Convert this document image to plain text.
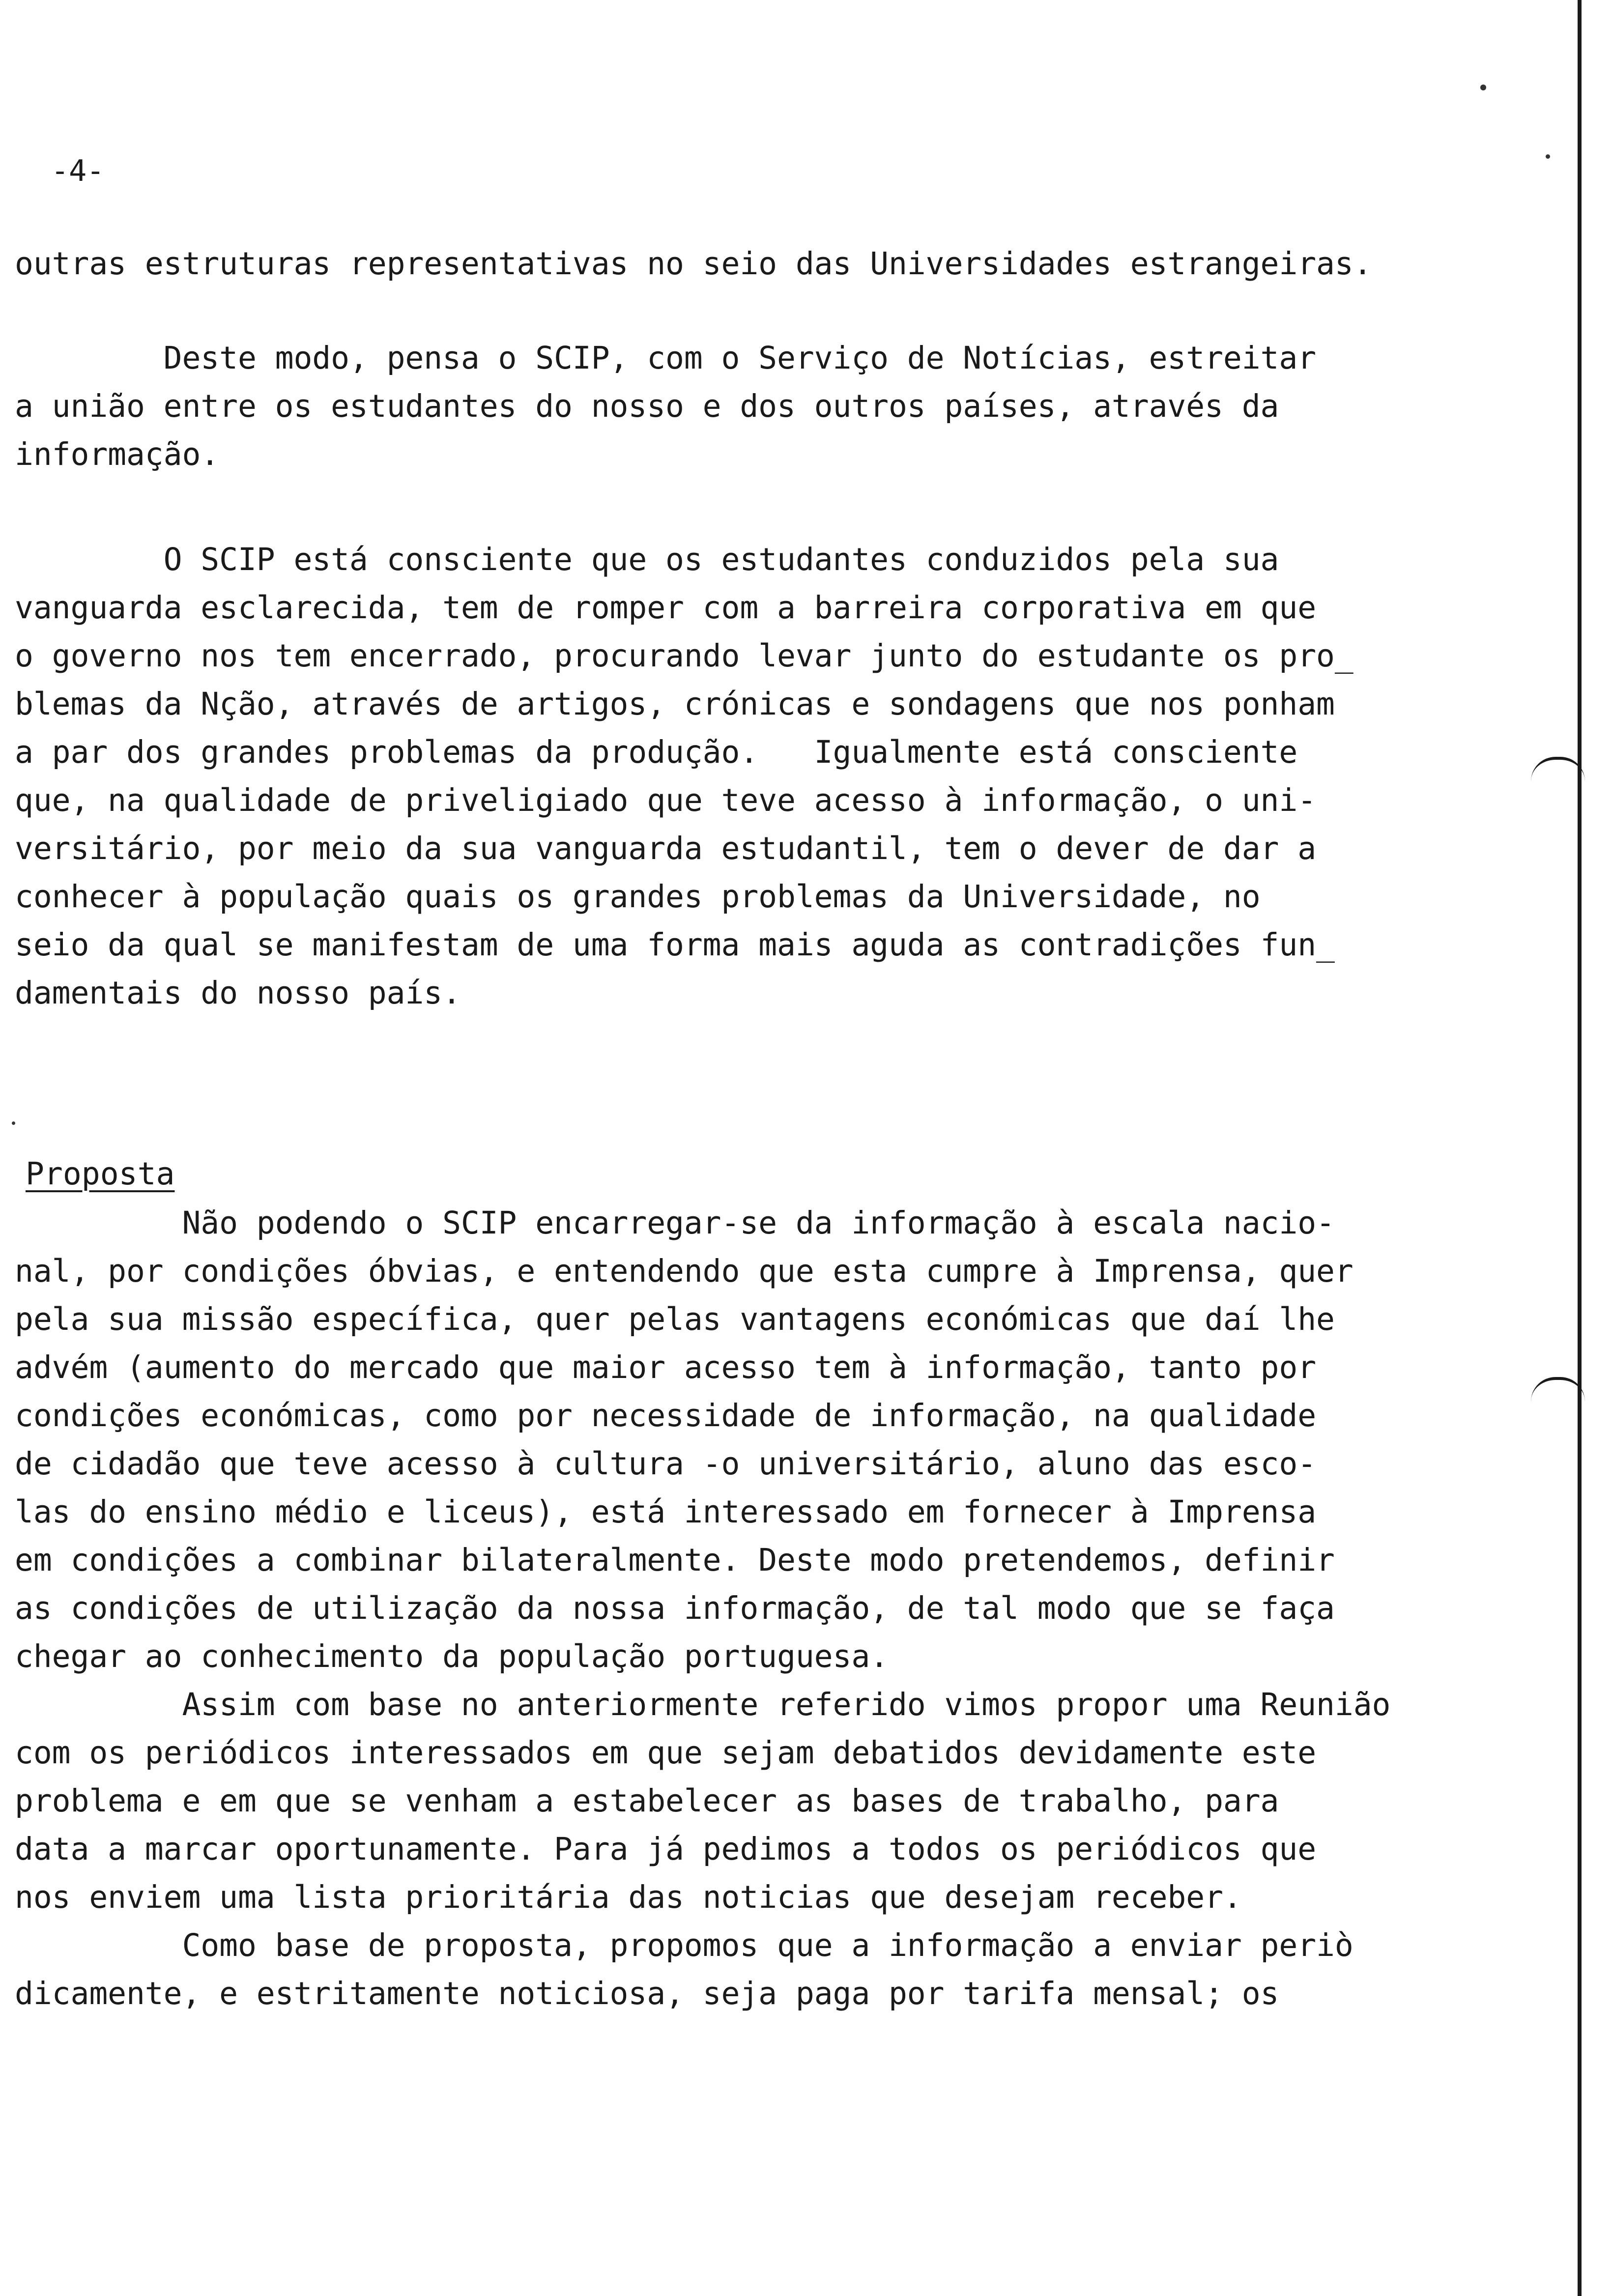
-4-
outras estruturas representativas no seio das Universidades estrangeiras.
Deste modo, pensa o SCIP, com o Serviço de Notícias, estreitar
a união entre os estudantes do nosso e dos outros países, através da
informação.
O SCIP está consciente que os estudantes conduzidos pela sua
vanguarda esclarecida, tem de romper com a barreira corporativa em que
o governo nos tem encerrado, procurando levar junto do estudante os pro_
blemas da Nção, através de artigos, crónicas e sondagens que nos ponham
a par dos grandes problemas da produção.   Igualmente está consciente
que, na qualidade de priveligiado que teve acesso à informação, o uni-
versitário, por meio da sua vanguarda estudantil, tem o dever de dar a
conhecer à população quais os grandes problemas da Universidade, no
seio da qual se manifestam de uma forma mais aguda as contradições fun_
damentais do nosso país.
Proposta
Não podendo o SCIP encarregar-se da informação à escala nacio-
nal, por condições óbvias, e entendendo que esta cumpre à Imprensa, quer
pela sua missão específica, quer pelas vantagens económicas que daí lhe
advém (aumento do mercado que maior acesso tem à informação, tanto por
condições económicas, como por necessidade de informação, na qualidade
de cidadão que teve acesso à cultura -o universitário, aluno das esco-
las do ensino médio e liceus), está interessado em fornecer à Imprensa
em condições a combinar bilateralmente. Deste modo pretendemos, definir
as condições de utilização da nossa informação, de tal modo que se faça
chegar ao conhecimento da população portuguesa.
Assim com base no anteriormente referido vimos propor uma Reunião
com os periódicos interessados em que sejam debatidos devidamente este
problema e em que se venham a estabelecer as bases de trabalho, para
data a marcar oportunamente. Para já pedimos a todos os periódicos que
nos enviem uma lista prioritária das noticias que desejam receber.
Como base de proposta, propomos que a informação a enviar periò
dicamente, e estritamente noticiosa, seja paga por tarifa mensal; os
